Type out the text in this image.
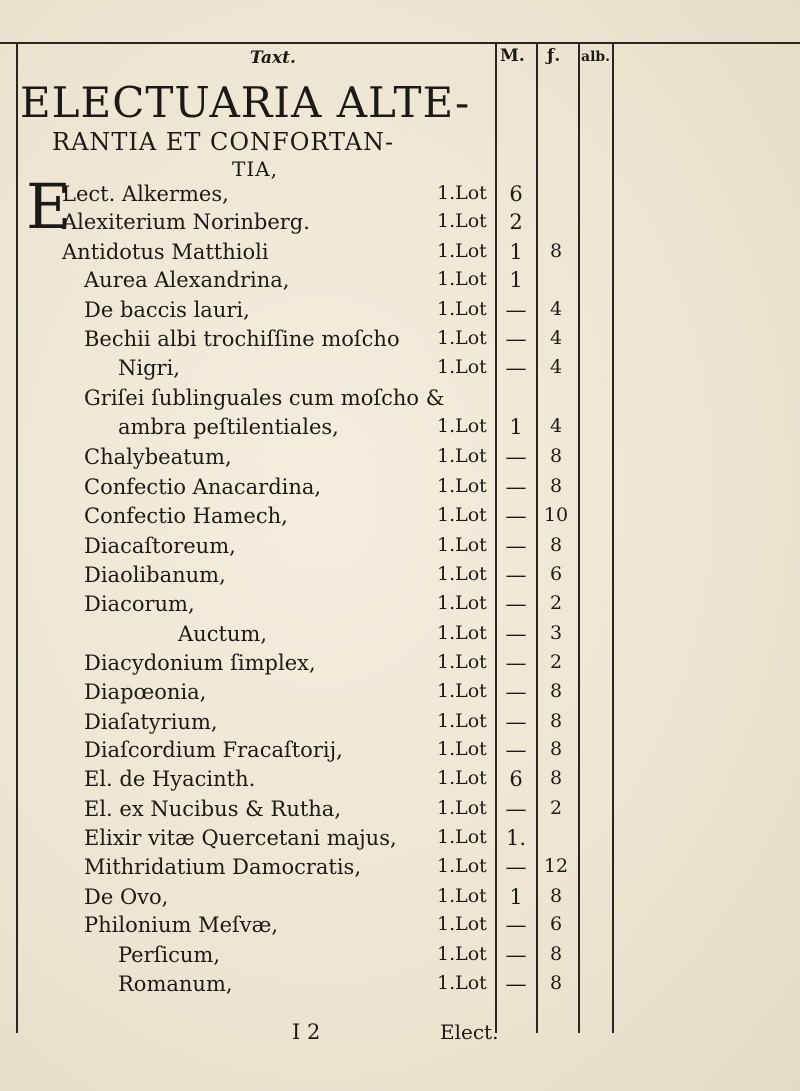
Taxt.	M. ƒ. alb.
ELECTUARIA ALTE-
RANTIA ET CONFORTAN-
TIA,
E
Lect. Alkermes,	1.Lot	6
Alexiterium Norinberg.	1.Lot	2
Antidotus Matthioli	1.Lot	1	8
Aurea Alexandrina,	1.Lot	1
De baccis lauri,	1.Lot —	4
Bechii albi trochiſſine moſcho 1.Lot —	4
Nigri,	1.Lot —	4
Griſei ſublinguales cum moſcho &
ambra peſtilentiales,	1.Lot	1	4
Chalybeatum,	1.Lot —	8
Confectio Anacardina,	1.Lot —	8
Confectio Hamech,	1.Lot — 10
Diacaſtoreum,	1.Lot —	8
Diaolibanum,	1.Lot —	6
Diacorum,	1.Lot —	2
Auctum,	1.Lot —	3
Diacydonium ſimplex,	1.Lot —	2
Diapœonia,	1.Lot —	8
Diaſatyrium,	1.Lot —	8
Diaſcordium Fracaſtorij,	1.Lot —	8
El. de Hyacinth.	1.Lot	6	8
El. ex Nucibus & Rutha,	1.Lot —	2
Elixir vitæ Quercetani majus, 1.Lot 1.
Mithridatium Damocratis,	1.Lot — 12
De Ovo,	1.Lot	1	8
Philonium Meſvæ,	1.Lot —	6
Perſicum,	1.Lot —	8
Romanum,	1.Lot —	8
I 2	Elect.
